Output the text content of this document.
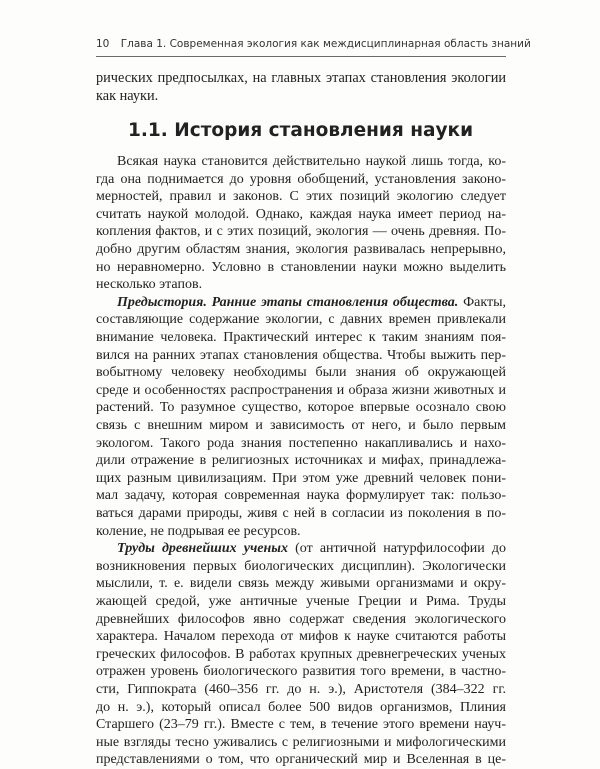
10 Глава 1. Современная экология как междисциплинарная область знаний
рических предпосылках, на главных этапах становления экологии
как науки.
1.1. История становления науки
Всякая наука становится действительно наукой лишь тогда, ко-
гда она поднимается до уровня обобщений, установления законо-
мерностей, правил и законов. С этих позиций экологию следует
считать наукой молодой. Однако, каждая наука имеет период на-
копления фактов, и с этих позиций, экология — очень древняя. По-
добно другим областям знания, экология развивалась непрерывно,
но неравномерно. Условно в становлении науки можно выделить
несколько этапов.
Предыстория. Ранние этапы становления общества. Факты,
составляющие содержание экологии, с давних времен привлекали
внимание человека. Практический интерес к таким знаниям поя-
вился на ранних этапах становления общества. Чтобы выжить пер-
вобытному человеку необходимы были знания об окружающей
среде и особенностях распространения и образа жизни животных и
растений. То разумное существо, которое впервые осознало свою
связь с внешним миром и зависимость от него, и было первым
экологом. Такого рода знания постепенно накапливались и нахо-
дили отражение в религиозных источниках и мифах, принадлежа-
щих разным цивилизациям. При этом уже древний человек пони-
мал задачу, которая современная наука формулирует так: пользо-
ваться дарами природы, живя с ней в согласии из поколения в по-
коление, не подрывая ее ресурсов.
Труды древнейших ученых (от античной натурфилософии до
возникновения первых биологических дисциплин). Экологически
мыслили, т. е. видели связь между живыми организмами и окру-
жающей средой, уже античные ученые Греции и Рима. Труды
древнейших философов явно содержат сведения экологического
характера. Началом перехода от мифов к науке считаются работы
греческих философов. В работах крупных древнегреческих ученых
отражен уровень биологического развития того времени, в частно-
сти, Гиппократа (460–356 гг. до н. э.), Аристотеля (384–322 гг.
до н. э.), который описал более 500 видов организмов, Плиния
Старшего (23–79 гг.). Вместе с тем, в течение этого времени науч-
ные взгляды тесно уживались с религиозными и мифологическими
представлениями о том, что органический мир и Вселенная в це-
